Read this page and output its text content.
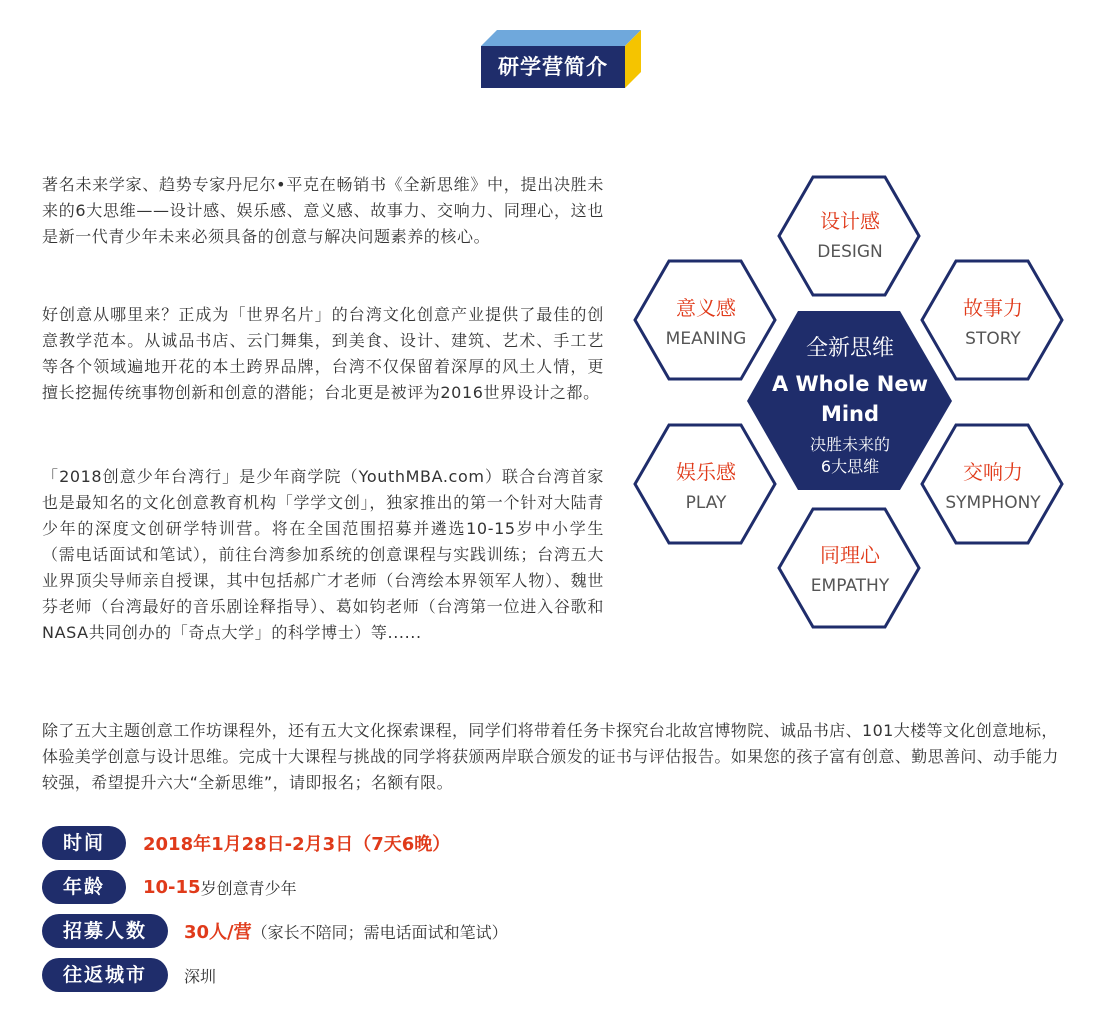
研学营简介
著名未来学家、趋势专家丹尼尔•平克在畅销书《全新思维》中，提出决胜未来的6大思维——设计感、娱乐感、意义感、故事力、交响力、同理心，这也是新一代青少年未来必须具备的创意与解决问题素养的核心。
好创意从哪里来？正成为「世界名片」的台湾文化创意产业提供了最佳的创意教学范本。从诚品书店、云门舞集，到美食、设计、建筑、艺术、手工艺等各个领域遍地开花的本土跨界品牌，台湾不仅保留着深厚的风土人情，更擅长挖掘传统事物创新和创意的潜能；台北更是被评为2016世界设计之都。
「2018创意少年台湾行」是少年商学院（YouthMBA.com）联合台湾首家也是最知名的文化创意教育机构「学学文创」，独家推出的第一个针对大陆青少年的深度文创研学特训营。将在全国范围招募并遴选10-15岁中小学生（需电话面试和笔试），前往台湾参加系统的创意课程与实践训练；台湾五大业界顶尖导师亲自授课，其中包括郝广才老师（台湾绘本界领军人物）、魏世芬老师（台湾最好的音乐剧诠释指导）、葛如钧老师（台湾第一位进入谷歌和NASA共同创办的「奇点大学」的科学博士）等......
除了五大主题创意工作坊课程外，还有五大文化探索课程，同学们将带着任务卡探究台北故宫博物院、诚品书店、101大楼等文化创意地标，体验美学创意与设计思维。完成十大课程与挑战的同学将获颁两岸联合颁发的证书与评估报告。如果您的孩子富有创意、勤思善问、动手能力较强，希望提升六大“全新思维”，请即报名；名额有限。
设计感
DESIGN
意义感
MEANING
故事力
STORY
娱乐感
PLAY
交响力
SYMPHONY
同理心
EMPATHY
全新思维
A Whole New
Mind
决胜未来的
6大思维
时间	2018年1月28日-2月3日（7天6晚）
年龄	10-15 岁创意青少年
招募人数	30人/营 （家长不陪同；需电话面试和笔试）
往返城市	深圳
